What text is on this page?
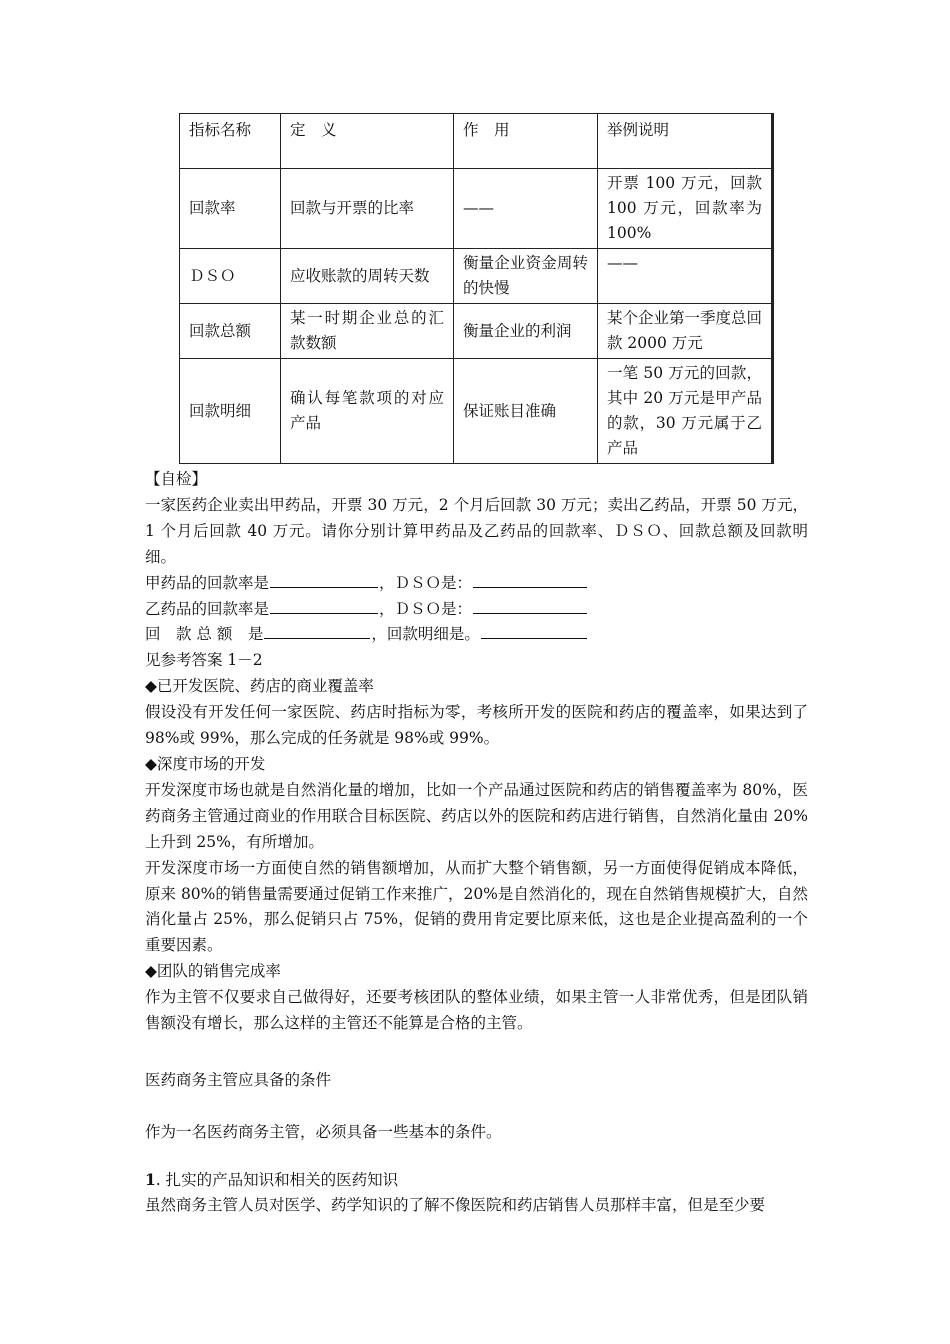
指标名称	定　义	作　用	举例说明
回款率	回款与开票的比率	——	开票 100 万元，回款 100 万元，回款率为 100%
ＤＳＯ	应收账款的周转天数	衡量企业资金周转的快慢	——
回款总额	某一时期企业总的汇款数额	衡量企业的利润	某个企业第一季度总回款 2000 万元
回款明细	确认每笔款项的对应产品	保证账目准确	一笔 50 万元的回款，其中 20 万元是甲产品的款，30 万元属于乙产品
【自检】
一家医药企业卖出甲药品，开票 30 万元，2 个月后回款 30 万元；卖出乙药品，开票 50 万元，1 个月后回款 40 万元。请你分别计算甲药品及乙药品的回款率、ＤＳＯ、回款总额及回款明细。
甲药品的回款率是	，ＤＳＯ是：
乙药品的回款率是	，ＤＳＯ是：
回　款 总 额　是	，回款明细是。
见参考答案 1－2
◆已开发医院、药店的商业覆盖率
假设没有开发任何一家医院、药店时指标为零，考核所开发的医院和药店的覆盖率，如果达到了 98%或 99%，那么完成的任务就是 98%或 99%。
◆深度市场的开发
开发深度市场也就是自然消化量的增加，比如一个产品通过医院和药店的销售覆盖率为 80%，医药商务主管通过商业的作用联合目标医院、药店以外的医院和药店进行销售，自然消化量由 20%上升到 25%，有所增加。
开发深度市场一方面使自然的销售额增加，从而扩大整个销售额，另一方面使得促销成本降低，原来 80%的销售量需要通过促销工作来推广，20%是自然消化的，现在自然销售规模扩大，自然消化量占 25%，那么促销只占 75%，促销的费用肯定要比原来低，这也是企业提高盈利的一个重要因素。
◆团队的销售完成率
作为主管不仅要求自己做得好，还要考核团队的整体业绩，如果主管一人非常优秀，但是团队销售额没有增长，那么这样的主管还不能算是合格的主管。
医药商务主管应具备的条件
作为一名医药商务主管，必须具备一些基本的条件。
1. 扎实的产品知识和相关的医药知识
虽然商务主管人员对医学、药学知识的了解不像医院和药店销售人员那样丰富，但是至少要
